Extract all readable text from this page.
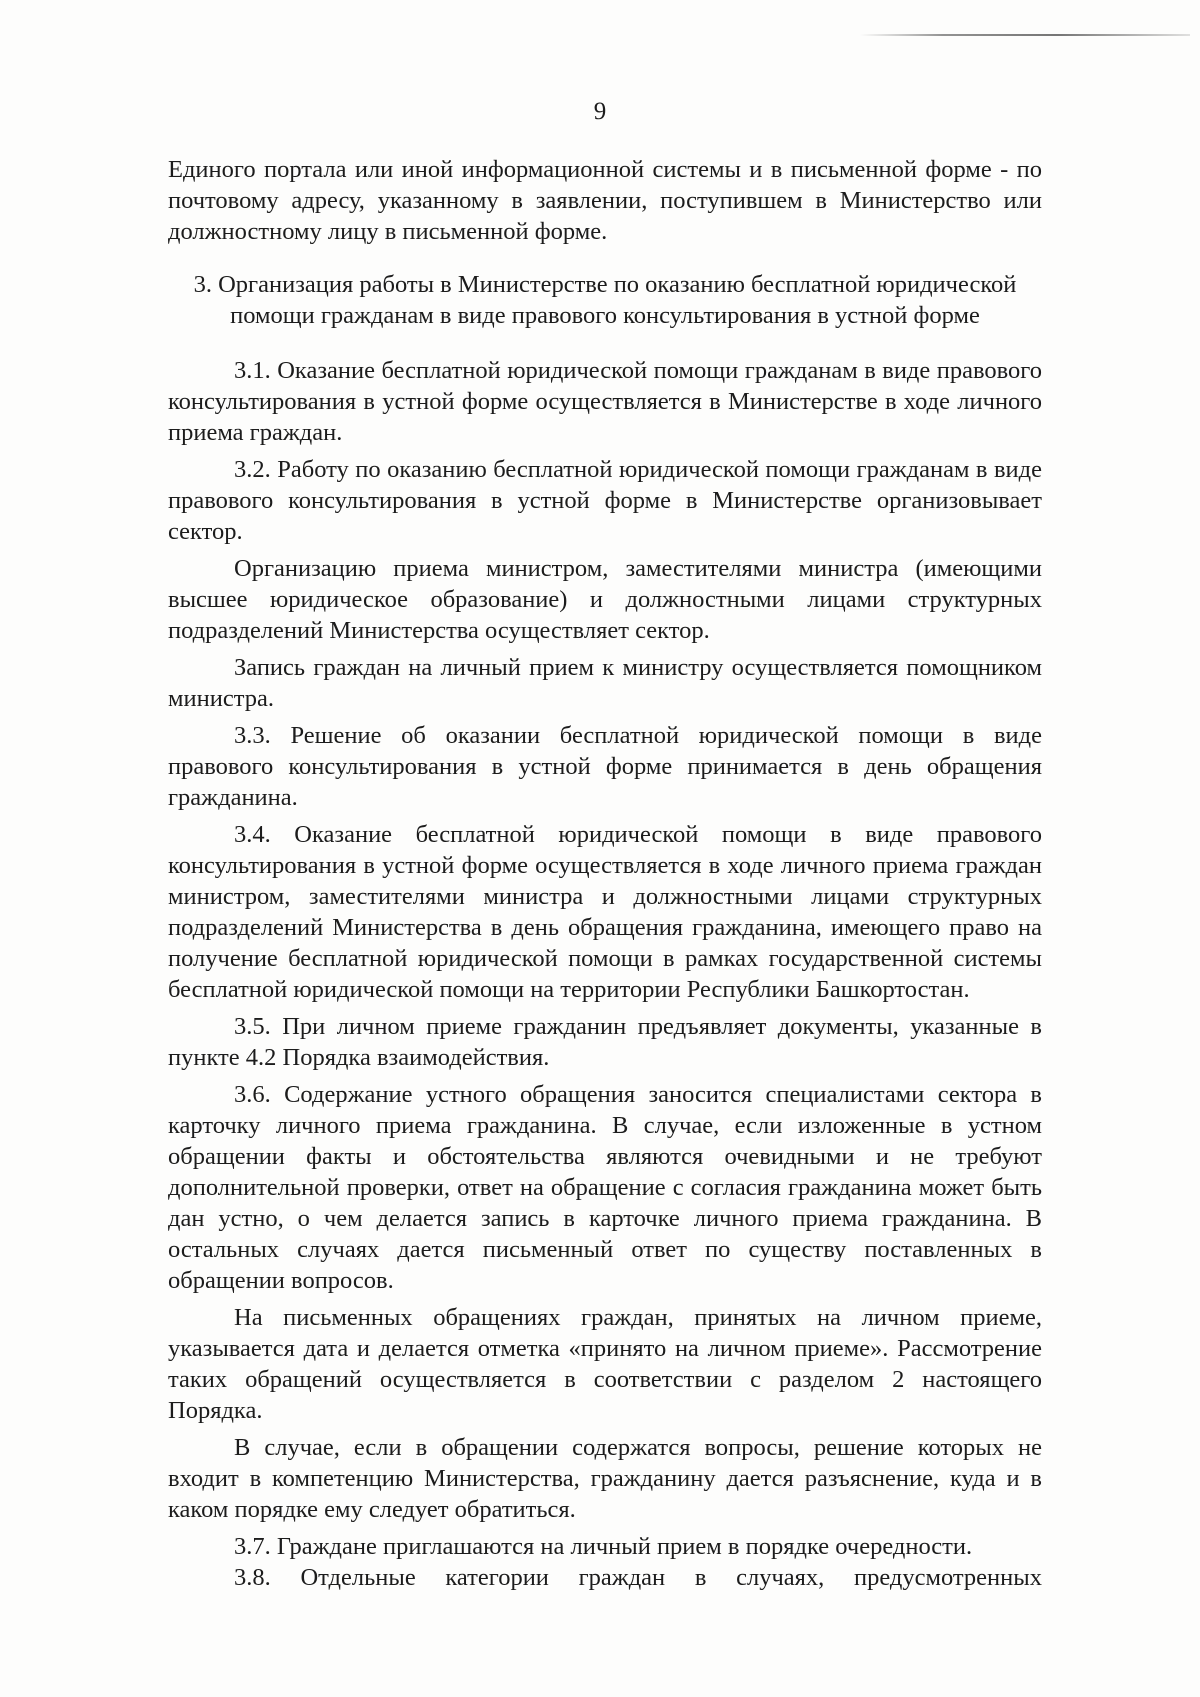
9

Единого портала или иной информационной системы и в письменной форме - по почтовому адресу, указанному в заявлении, поступившем в Министерство или должностному лицу в письменной форме.

3. Организация работы в Министерстве по оказанию бесплатной юридической
помощи гражданам в виде правового консультирования в устной форме

3.1. Оказание бесплатной юридической помощи гражданам в виде правового консультирования в устной форме осуществляется в Министерстве в ходе личного приема граждан.

3.2. Работу по оказанию бесплатной юридической помощи гражданам в виде правового консультирования в устной форме в Министерстве организовывает сектор.

Организацию приема министром, заместителями министра (имеющими высшее юридическое образование) и должностными лицами структурных подразделений Министерства осуществляет сектор.

Запись граждан на личный прием к министру осуществляется помощником министра.

3.3. Решение об оказании бесплатной юридической помощи в виде правового консультирования в устной форме принимается в день обращения гражданина.

3.4. Оказание бесплатной юридической помощи в виде правового консультирования в устной форме осуществляется в ходе личного приема граждан министром, заместителями министра и должностными лицами структурных подразделений Министерства в день обращения гражданина, имеющего право на получение бесплатной юридической помощи в рамках государственной системы бесплатной юридической помощи на территории Республики Башкортостан.

3.5. При личном приеме гражданин предъявляет документы, указанные в пункте 4.2 Порядка взаимодействия.

3.6. Содержание устного обращения заносится специалистами сектора в карточку личного приема гражданина. В случае, если изложенные в устном обращении факты и обстоятельства являются очевидными и не требуют дополнительной проверки, ответ на обращение с согласия гражданина может быть дан устно, о чем делается запись в карточке личного приема гражданина. В остальных случаях дается письменный ответ по существу поставленных в обращении вопросов.

На письменных обращениях граждан, принятых на личном приеме, указывается дата и делается отметка «принято на личном приеме». Рассмотрение таких обращений осуществляется в соответствии с разделом 2 настоящего Порядка.

В случае, если в обращении содержатся вопросы, решение которых не входит в компетенцию Министерства, гражданину дается разъяснение, куда и в каком порядке ему следует обратиться.

3.7. Граждане приглашаются на личный прием в порядке очередности.

3.8. Отдельные категории граждан в случаях, предусмотренных
